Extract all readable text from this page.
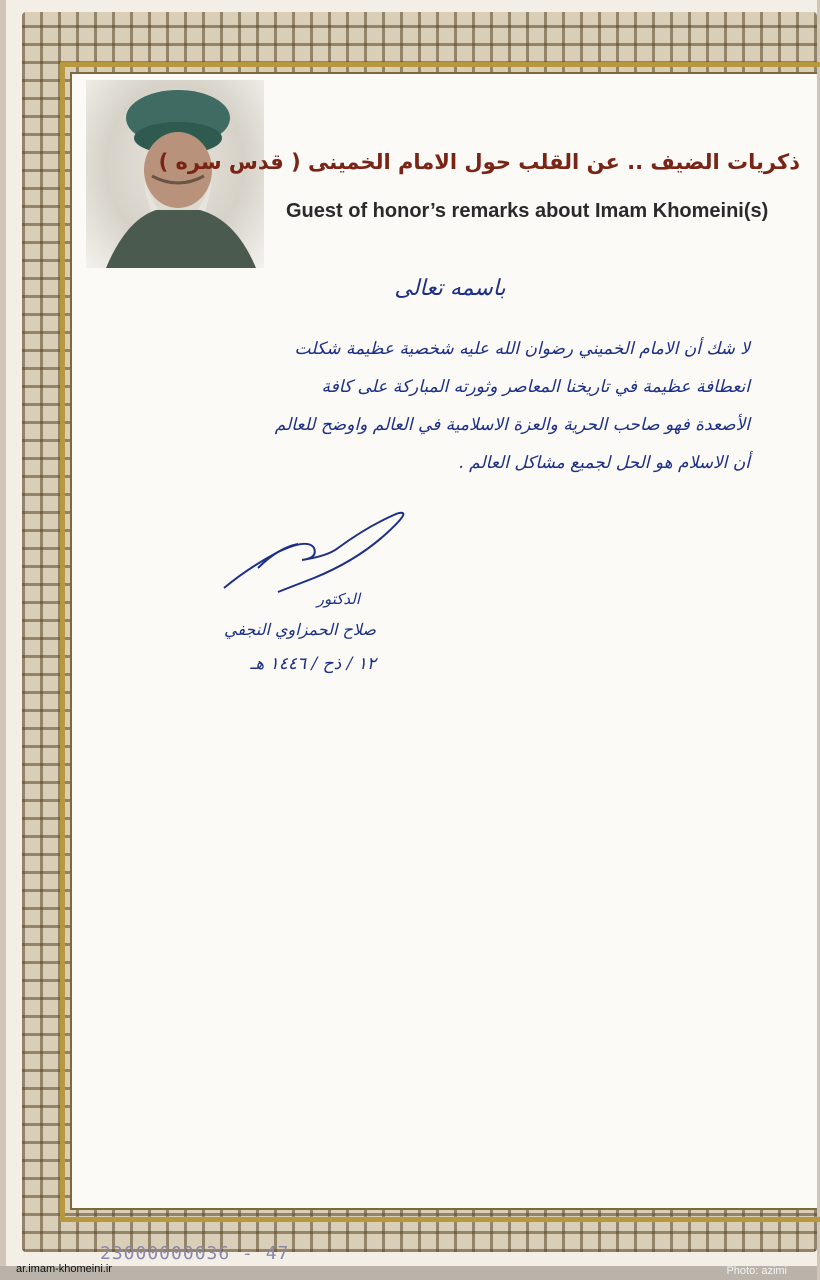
ذكريات الضيف .. عن القلب حول الامام الخمينى ( قدس سره )
Guest of honor’s remarks about Imam Khomeini(s)
باسمه تعالى
لا شك أن الامام الخميني رضوان الله عليه شخصية عظيمة شكلت
انعطافة عظيمة في تاريخنا المعاصر وثورته المباركة على كافة
الأصعدة فهو صاحب الحرية والعزة الاسلامية في العالم واوضح للعالم
أن الاسلام هو الحل لجميع مشاكل العالم .
الدكتور
صلاح الحمزاوي النجفي
١٢ / ذح / ١٤٤٦ هـ
23000000036 - 47
ar.imam-khomeini.ir	Photo: azimi
